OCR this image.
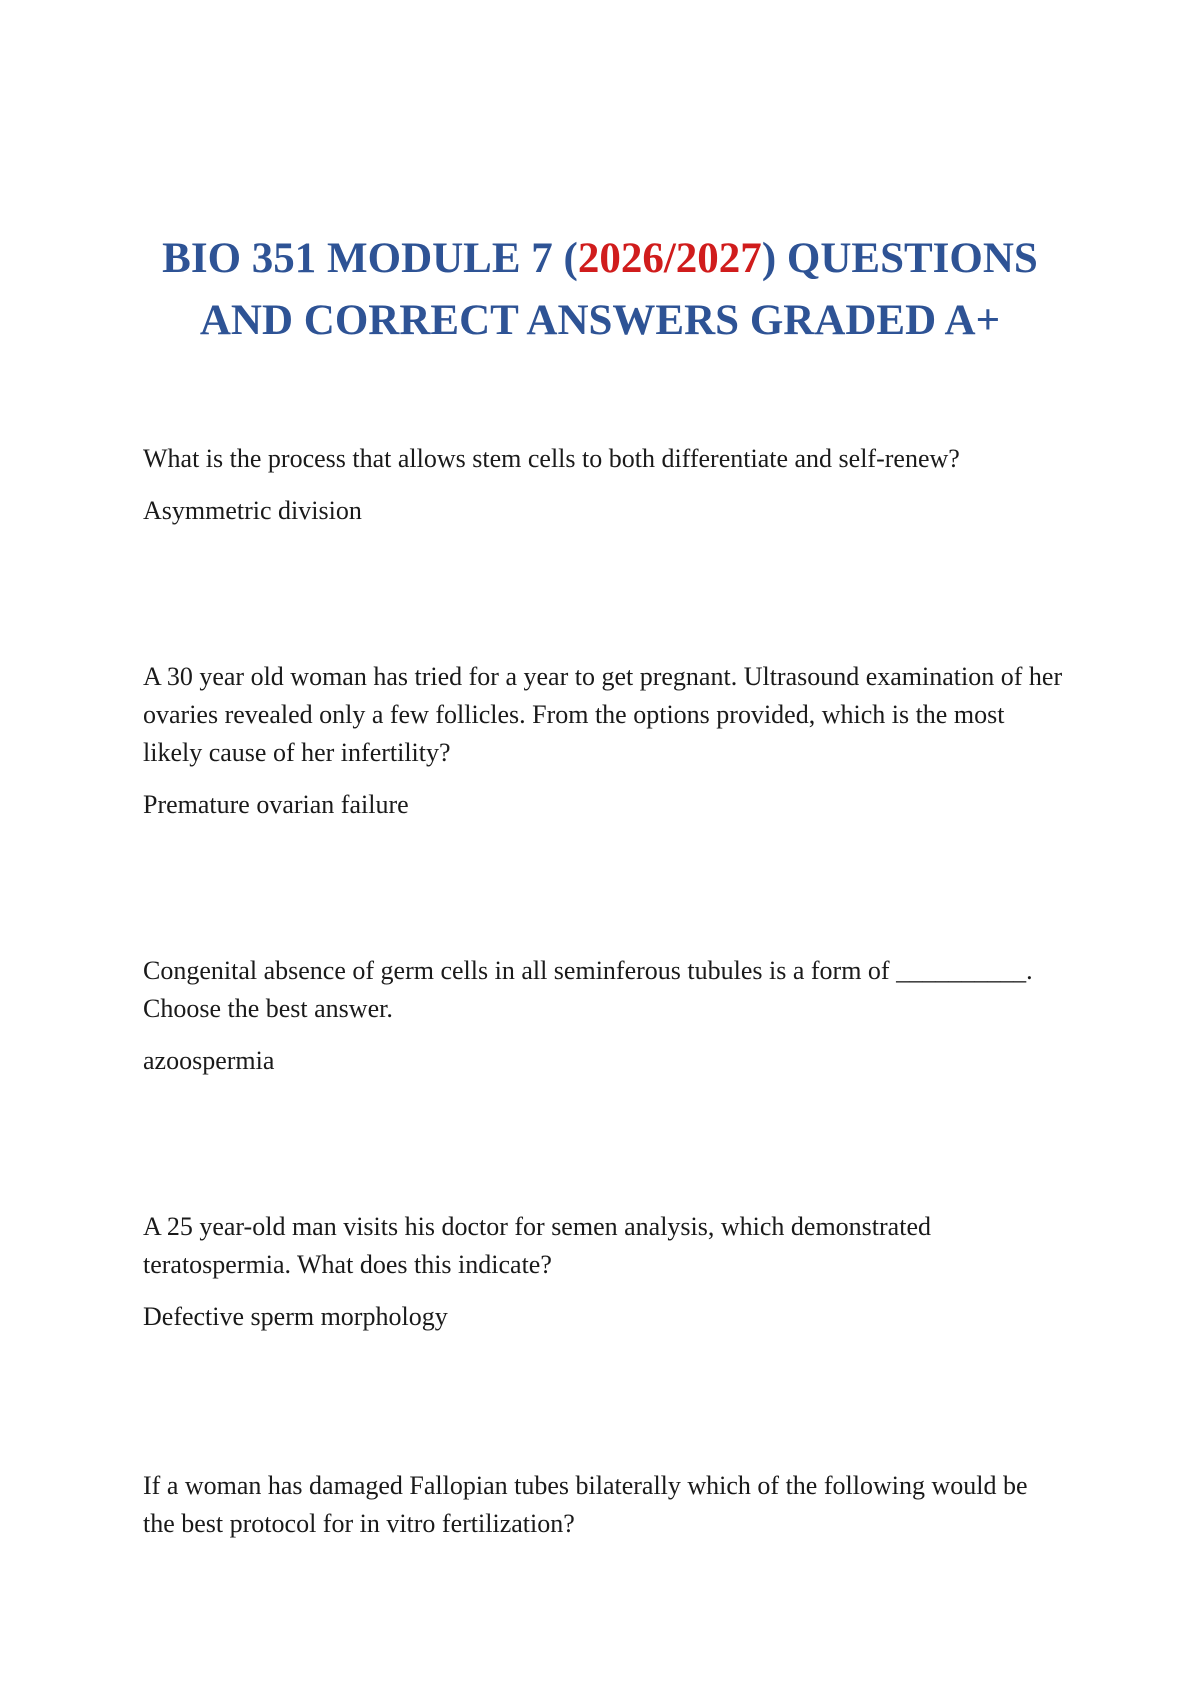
BIO 351 MODULE 7 (2026/2027) QUESTIONS
AND CORRECT ANSWERS GRADED A+

What is the process that allows stem cells to both differentiate and self-renew?

Asymmetric division

A 30 year old woman has tried for a year to get pregnant. Ultrasound examination of her ovaries revealed only a few follicles. From the options provided, which is the most likely cause of her infertility?

Premature ovarian failure

Congenital absence of germ cells in all seminferous tubules is a form of __________. Choose the best answer.

azoospermia

A 25 year-old man visits his doctor for semen analysis, which demonstrated teratospermia. What does this indicate?

Defective sperm morphology

If a woman has damaged Fallopian tubes bilaterally which of the following would be the best protocol for in vitro fertilization?
